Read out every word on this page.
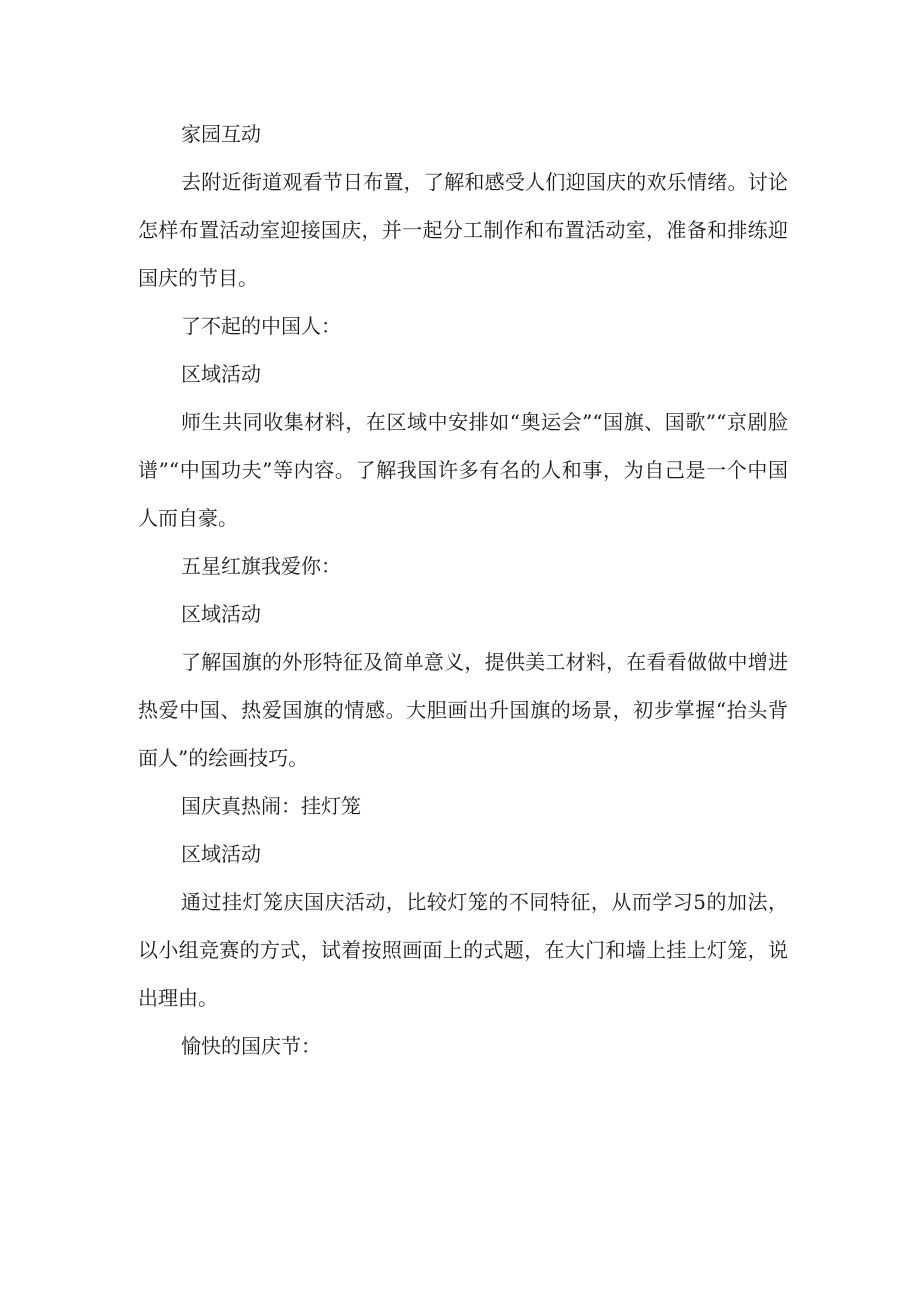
家园互动

去附近街道观看节日布置，了解和感受人们迎国庆的欢乐情绪。讨论怎样布置活动室迎接国庆，并一起分工制作和布置活动室，准备和排练迎国庆的节目。

了不起的中国人：

区域活动

师生共同收集材料，在区域中安排如“奥运会”“国旗、国歌”“京剧脸谱”“中国功夫”等内容。了解我国许多有名的人和事，为自己是一个中国人而自豪。

五星红旗我爱你：

区域活动

了解国旗的外形特征及简单意义，提供美工材料，在看看做做中增进热爱中国、热爱国旗的情感。大胆画出升国旗的场景，初步掌握“抬头背面人”的绘画技巧。

国庆真热闹：挂灯笼

区域活动

通过挂灯笼庆国庆活动，比较灯笼的不同特征，从而学习5的加法，以小组竞赛的方式，试着按照画面上的式题，在大门和墙上挂上灯笼，说出理由。

愉快的国庆节：
